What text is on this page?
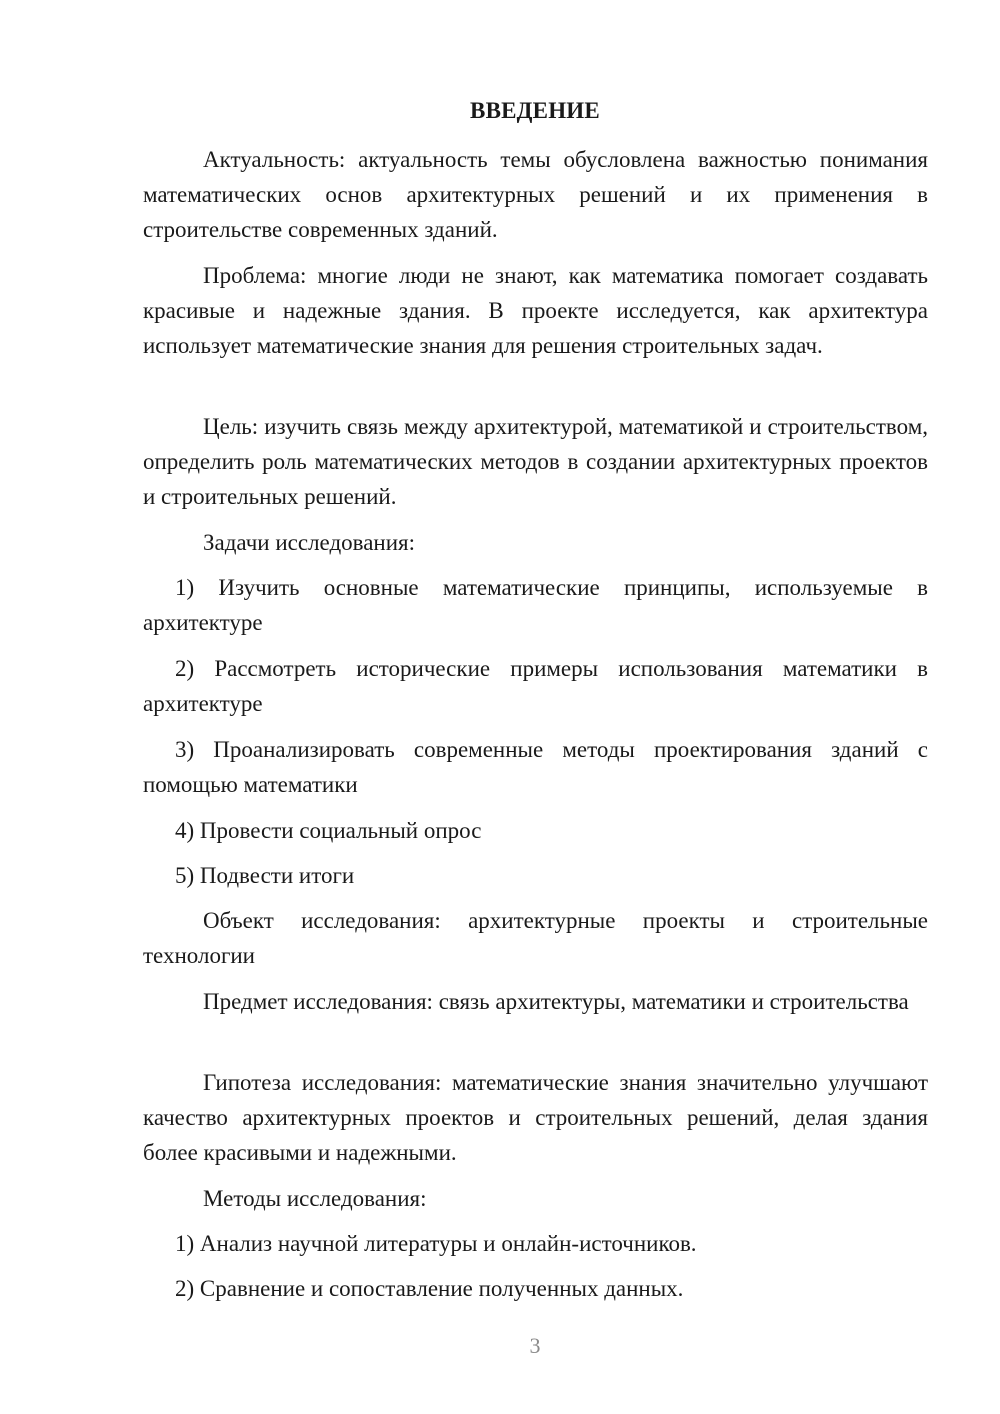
ВВЕДЕНИЕ

Актуальность: актуальность темы обусловлена важностью понимания математических основ архитектурных решений и их применения в строительстве современных зданий.

Проблема: многие люди не знают, как математика помогает создавать красивые и надежные здания. В проекте исследуется, как архитектура использует математические знания для решения строительных задач.

Цель: изучить связь между архитектурой, математикой и строительством, определить роль математических методов в создании архитектурных проектов и строительных решений.

Задачи исследования:

1) Изучить основные математические принципы, используемые в архитектуре

2) Рассмотреть исторические примеры использования математики в архитектуре

3) Проанализировать современные методы проектирования зданий с помощью математики

4) Провести социальный опрос

5) Подвести итоги

Объект исследования: архитектурные проекты и строительные технологии

Предмет исследования: связь архитектуры, математики и строительства

Гипотеза исследования: математические знания значительно улучшают качество архитектурных проектов и строительных решений, делая здания более красивыми и надежными.

Методы исследования:

1) Анализ научной литературы и онлайн-источников.

2) Сравнение и сопоставление полученных данных.

3
